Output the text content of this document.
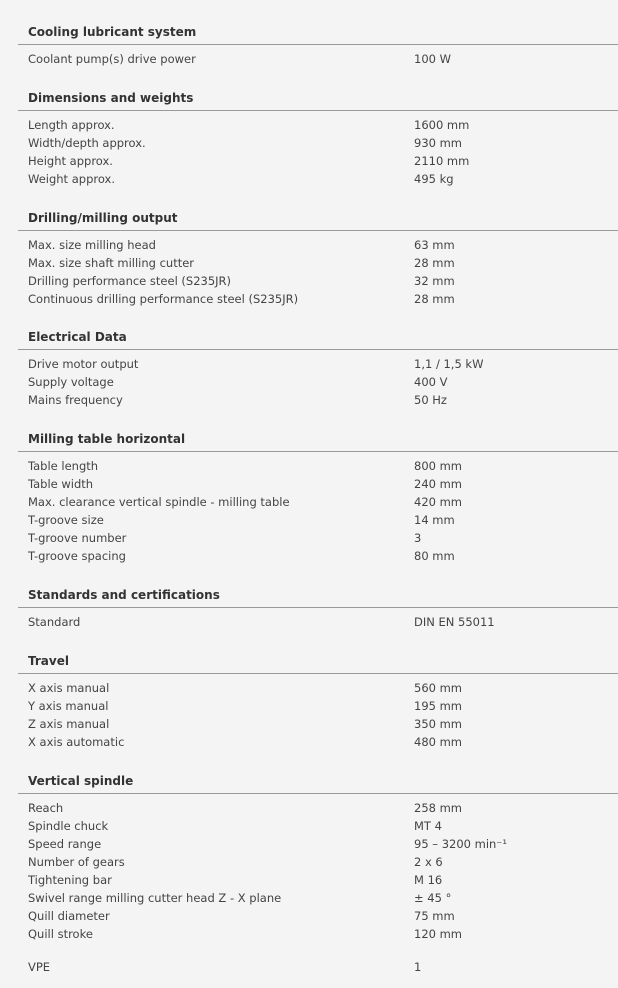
Cooling lubricant system
Coolant pump(s) drive power	100 W
Dimensions and weights
Length approx.	1600 mm
Width/depth approx.	930 mm
Height approx.	2110 mm
Weight approx.	495 kg
Drilling/milling output
Max. size milling head	63 mm
Max. size shaft milling cutter	28 mm
Drilling performance steel (S235JR)	32 mm
Continuous drilling performance steel (S235JR)	28 mm
Electrical Data
Drive motor output	1,1 / 1,5 kW
Supply voltage	400 V
Mains frequency	50 Hz
Milling table horizontal
Table length	800 mm
Table width	240 mm
Max. clearance vertical spindle - milling table	420 mm
T-groove size	14 mm
T-groove number	3
T-groove spacing	80 mm
Standards and certifications
Standard	DIN EN 55011
Travel
X axis manual	560 mm
Y axis manual	195 mm
Z axis manual	350 mm
X axis automatic	480 mm
Vertical spindle
Reach	258 mm
Spindle chuck	MT 4
Speed range	95 – 3200 min⁻¹
Number of gears	2 x 6
Tightening bar	M 16
Swivel range milling cutter head Z - X plane	± 45 °
Quill diameter	75 mm
Quill stroke	120 mm
VPE	1
